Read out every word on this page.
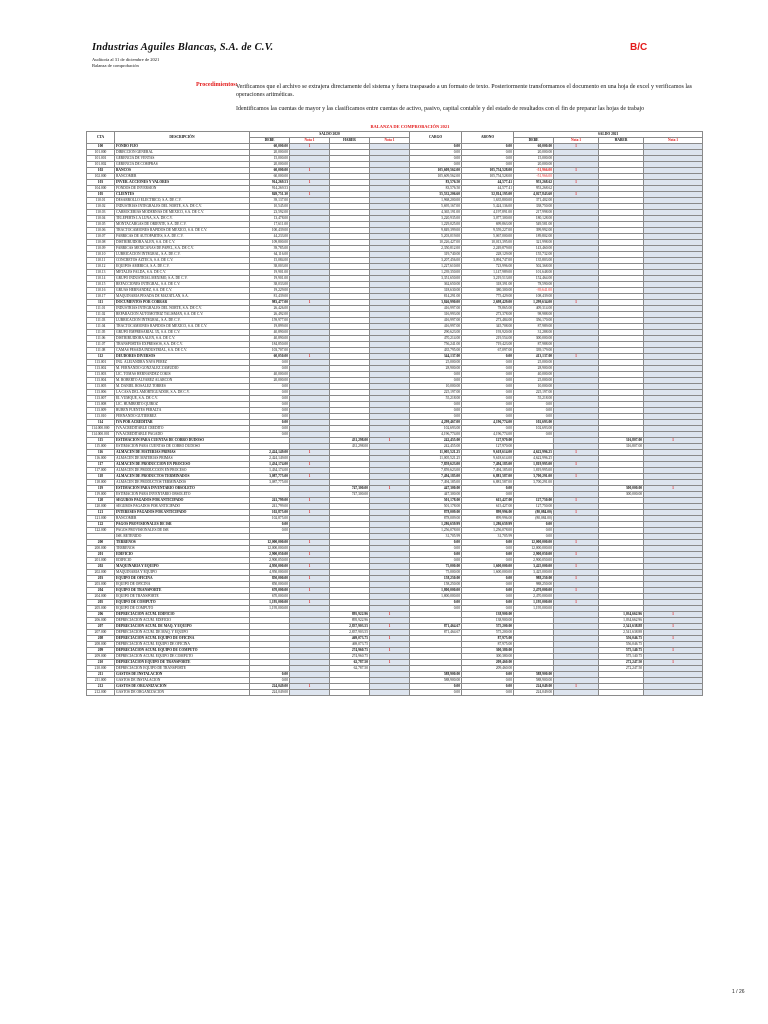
Industrias Aguiles Blancas, S.A. de C.V.
Auditoría al 31 de diciembre de 2021
Balanza de comprobación
B/C
Procedimientos:
Verificamos que el archivo se extrajera directamente del sistema y fuera traspasado a un formato de texto. Posteriormente transformamos el documento en una hoja de excel y verificamos las operaciones aritméticas.
Identificamos las cuentas de mayor y las clasificamos entre cuentas de activo, pasivo, capital contable y del estado de resultados con el fin de preparar las hojas de trabajo
BALANZA DE COMPROBACIÓN 2021
CTA	DESCRIPCIÓN	SALDO 2020				CARGO	ABONO	SALDO 2021			
		DEBE	Nota 1	HABER	Nota 1			DEBE	Nota 1	HABER	Nota 1
100	FONDO FIJO	60,000.00	1			0.00	0.00	60,000.00	1		
101.000	DIRECCIÓN GENERAL	20,000.00				0.00	0.00	20,000.00			
101.001	GERENCIA DE VENTAS	15,000.00				0.00	0.00	15,000.00			
101.002	GERENCIA DE COMPRAS	20,000.00				0.00	0.00	20,000.00			
102	BANCOS	60,000.00	1			105,609,562.00	105,754,528.00	-51,966.00	1		
102.000	BANCOMER	60,000.00				105,609,562.00	105,754,528.00	-51,966.00			
103	INVER. ACCIONES Y VALORES	914,269.53	1			83,576.50	44,577.41	953,268.62	1		
104.000	FONDOS DE INVERSIÓN	914,269.53				83,576.50	44,577.41	953,268.62			
105	CLIENTES	849,751.30	1			55,532,206.60	52,814,195.00	4,027,843.60	1		
110.01	DESARROLLO ELECTRICO, S.A. DE C.V.	39,137.00				1,968,200.00	1,635,800.00	371,402.00			
110.02	INDUSTRIAS INTEGRALES DEL NORTE, S.A. DE C.V.	10,545.00				5,695,167.00	5,424,136.00	338,750.00			
110.03	CARROCERIAS MODERNAS DE MÉXICO, S.A. DE C.V.	23,592.00				4,365,191.00	4,197,891.00	217,998.00			
110.04	TELEPERTS LA LUNA, S.A. DE C.V.	13,478.00				3,220,935.00	3,077,300.00	180,128.00			
110.05	MONTACARGAS DE ORIENTE, S.A. DE C.V.	17,611.00				1,229,025.00	699,863.00	549,581.00			
110.06	TRACTOCAMIONES RAPIDOS DE MÉXICO, S.A. DE C.V.	100,439.00				9,849,399.00	9,559,227.00	399,992.00			
110.07	FABRICAS DE AUTOPARTES, S.A. DE C.V.	44,233.00				5,203,019.00	5,067,000.00	189,802.00			
110.08	DISTRIBUIDORA ALEN, S.A. DE C.V.	109,800.00				10,226,427.00	10,013,395.00	321,998.00			
110.09	FABRICAS MEXICANAS DE PAPEL, S.A. DE C.V.	39,785.00				2,350,812.00	2,249,879.00	143,460.00			
110.10	LUBRICACIÓN INTEGRAL, S.A. DE C.V.	64,116.00				319,740.00	228,129.00	155,732.00			
110.11	CONCRETOS AZTECA, S.A. DE C.V.	15,084.00				3,207,456.00	3,094,747.00	135,803.00			
110.12	EQUIPOS AMERICA, S.A. DE C.V.	38,003.00				1,227,610.00	723,996.00	502,368.00			
110.13	METALES FALDA, S.A. DE C.V.	19,901.00				1,239,350.00	1,147,989.00	101,648.00			
110.14	GRUPO INDUSTRIAL MEXIMO, S.A. DE C.V.	19,901.00				3,351,650.00	3,219,513.00	152,464.00			
110.15	REFACCIONES INTEGRAL, S.A. DE C.V.	38,033.00				362,650.00	318,391.00	78,590.00			
110.16	GRUAS HERNANDEZ, S.A. DE C.V.	19,229.00				318,630.00	380,300.00	-39,641.00			
110.17	MAQUINARIA PESADA DE MAZATLÁN, S.A.	81,439.00				814,291.00	775,429.00	108,439.00			
111	DOCUMENTOS POR COBRAR	983,477.00	1			3,846,990.00	2,698,429.00	1,299,634.00	1		
111.01	INDUSTRIAS INTEGRALES DEL NORTE, S.A. DE C.V.	26,426.00				416,997.00	78,865.00	409,314.00			
111.02	REPARACIÓN AUTOMOTRIZ TALISMÁN, S.A. DE C.V.	26,492.00				316,993.00	273,378.00	98,988.00			
111.03	LUBRICACIÓN INTEGRAL, S.A. DE C.V.	159,977.00				416,997.00	273,484.00	356,170.00			
111.04	TRACTOCAMIONES RAPIDOS DE MÉXICO, S.A. DE C.V.	19,899.00				416,997.00	345,708.00	87,989.00			
111.05	GRUPO EMPRESARIAL 3X, S.A. DE C.V.	40,890.00				290,623.00	193,920.00	31,288.00			
111.06	DISTRIBUIDORA ALEN, S.A. DE C.V.	40,890.00				470,214.00	219,554.00	300,000.00			
111.07	TRANSPORTES EXPRESSOS, S.A. DE C.V.	184,850.00				756,241.00	719,423.00	87,988.00			
111.08	CAMAS PESADA INDUSTRIAL, S.A. DE C.V.	103,707.00				435,795.00	67,097.00	339,179.00			
112	DEUDORES DIVERSOS	60,050.00	1			344,137.00	0.00	413,137.00	1		
113.001	ING. ALEJANDRA NAVA PEREZ	0.00				25,000.00	0.00	25,000.00			
113.002	M. FERNANDO GONZALEZ ZAMUDIO	0.00				28,900.00	0.00	28,900.00			
113.003	LIC. TOMAS HERNANDEZ COKIS	40,000.00				0.00	0.00	40,000.00			
113.004	M. ROBERTO ALVAREZ ALARCON	20,000.00				0.00	0.00	25,000.00			
113.005	M. DANIEL ROSALEZ TORRES	0.00				10,000.00	0.00	10,000.00			
113.006	LA CASA DEL AMORTIGUADOR, S.A. DE C.V.	0.00				225,197.00	0.00	225,197.00			
113.007	EL VUMQUE, S.A. DE C.V.	0.00				55,218.00	0.00	55,218.00			
113.008	LIC. HUMBERTO QUIROZ	0.00				0.00	0.00	0.00			
113.009	RUBEN FUENTES PERALTA	0.00				0.00	0.00	0.00			
113.010	FERNANDO GUTIERREZ	0.00				0.00	0.00	0.00			
114	IVA POR ACREDITAR	0.00				4,299,467.00	4,196,774.00	102,693.00			
114.000.000	IVA ACREDITABLE CREDITO	0.00				102,693.00	0.00	102,693.00			
114.000.001	IVA ACREDITABLE PAGADO	0.00				4,196,774.00	4,196,774.00	0.00			
115	ESTIMACIÓN PARA CUENTAS DE COBRO DUDOSO			431,298.00	1	242,455.00	127,970.00			316,807.00	1
115.000	ESTIMACIÓN PARA CUENTAS DE COBRO DUDOSO			431,298.00		242,455.00	127,970.00			316,807.00	
116	ALMACÉN DE MATERIAS PRIMAS	2,424,149.00	1			11,005,521.25	9,618,614.00	4,622,996.25	1		
116.000	ALMACÉN DE MATERIAS PRIMAS	2,424,149.00				11,005,521.25	9,618,614.00	4,622,996.25			
117	ALMACÉN DE PRODUCCIÓN EN PROCESO	1,434,174.00	1			7,859,623.00	7,494,185.00	1,819,995.00	1		
117.000	ALMACÉN DE PRODUCCIÓN EN PROCESO	1,434,174.00				7,859,623.00	7,494,185.00	1,819,995.00			
118	ALMACÉN DE PRODUCTOS TERMINADOS	3,087,775.00	1			7,494,185.00	6,881,587.00	3,700,291.00	1		
118.000	ALMACÉN DE PRODUCTOS TERMINADOS	3,087,775.00				7,494,185.00	6,881,587.00	3,700,291.00			
119	ESTIMACIÓN PARA INVENTARIO OBSOLETO			747,300.00	1	447,300.00	0.00			300,000.00	1
119.000	ESTIMACIÓN PARA INVENTARIO OBSOLETO			747,300.00		447,300.00	0.00			300,000.00	
120	SEGUROS PAGADOS POR ANTICIPADO	241,799.00	1			501,178.00	615,427.00	127,750.00	1		
120.000	SEGUROS PAGADOS POR ANTICIPADO	241,799.00				501,178.00	615,427.00	127,750.00			
121	INTERESES PAGADOS POR ANTICIPADO	102,875.00	1			878,009.00	899,996.00	(80,084.00)	1		
121.000	BANCOMER	102,875.00				878,009.00	899,996.00	(80,084.00)			
122	PAGOS PROVISIONALES DE ISR	0.00				1,286,659.99	1,286,659.99	0.00			
122.000	PAGOS PROVISIONALES DE ISR	0.00				1,256,078.00	1,256,078.00	0.00			
	ISR. RETENIDO					31,705.99	31,705.99	0.00			
200	TERRENOS	12,000,000.00	1			0.00	0.00	12,000,000.00	1		
200.000	TERRENOS	12,000,000.00				0.00	0.00	12,000,000.00			
201	EDIFICIO	2,900,050.00	1			0.00	0.00	2,900,050.00	1		
201.000	EDIFICIO	2,900,050.00				0.00	0.00	2,900,050.00			
202	MAQUINARIA Y EQUIPO	4,950,000.00	1			75,000.00	1,600,000.00	3,425,000.00	1		
202.000	MAQUINARIA Y EQUIPO	4,950,000.00				75,000.00	1,600,000.00	3,425,000.00			
203	EQUIPO DE OFICINA	850,000.00	1			158,250.00	0.00	988,250.00	1		
203.000	EQUIPO DE OFICINA	850,000.00				158,250.00	0.00	988,250.00			
204	EQUIPO DE TRANSPORTE	670,000.00	1			1,800,000.00	0.00	2,470,000.00	1		
204.000	EQUIPO DE TRANSPORTE	670,000.00				1,800,000.00	0.00	2,470,000.00			
205	EQUIPO DE COMPUTO	1,195,000.00	1			0.00	0.00	1,195,000.00	1		
205.000	EQUIPO DE COMPUTO	1,195,000.00				0.00	0.00	1,195,000.00			
206	DEPRECIACIÓN ACUM. EDIFICIO			895,922.96	1		138,900.00			1,034,662.96	1
206.000	DEPRECIACIÓN ACUM. EDIFICIO			895,922.96			138,900.00			1,034,662.96	
207	DEPRECIACIÓN ACUM. DE MAQ. Y EQUIPO			2,837,903.55	1	871,464.67	575,200.00			2,541,638.88	1
207.000	DEPRECIACIÓN ACUM. DE MAQ. Y EQUIPO			2,837,903.55		871,464.67	575,200.00			2,541,638.88	
208	DEPRECIACIÓN ACUM. EQUIPO DE OFICINA			469,073.75	1		87,975.00			556,046.75	1
208.000	DEPRECIACIÓN ACUM. EQUIPO DE OFICINA			469,073.75			87,975.00			556,046.75	
209	DEPRECIACIÓN ACUM. EQUIPO DE COMPUTO			274,960.75	1		300,380.00			575,140.75	1
209.000	DEPRECIACIÓN ACUM. EQUIPO DE COMPUTO			274,960.75			300,380.00			575,140.75	
210	DEPRECIACIÓN EQUIPO DE TRANSPORTE			62,787.50	1		209,460.00			272,247.50	1
210.000	DEPRECIACIÓN EQUIPO DE TRANSPORTE			62,787.50			209,460.00			272,247.50	
211	GASTOS DE INSTALACIÓN	0.00				588,900.00	0.00	588,900.00			
211.000	GASTOS DE INSTALACIÓN	0.00				588,900.00	0.00	588,900.00			
212	GASTOS DE ORGANIZACIÓN	224,049.00	1			0.00	0.00	224,049.00	1		
212.000	GASTOS DE ORGANIZACIÓN	224,049.00				0.00	0.00	224,049.00			
1 / 26
